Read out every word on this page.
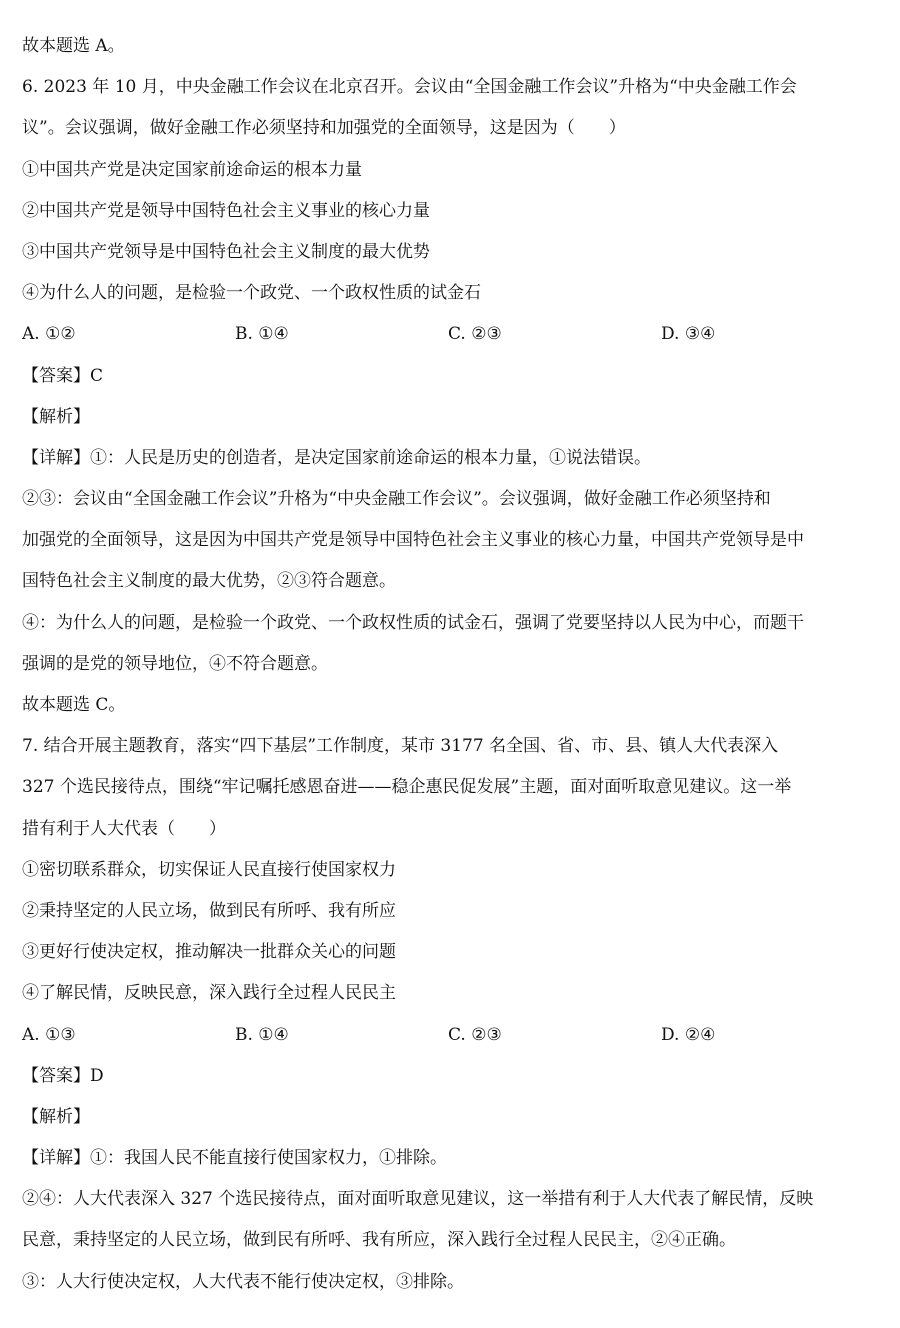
故本题选 A。
6. 2023 年 10 月，中央金融工作会议在北京召开。会议由“全国金融工作会议”升格为“中央金融工作会
议”。会议强调，做好金融工作必须坚持和加强党的全面领导，这是因为（　　）
①中国共产党是决定国家前途命运的根本力量
②中国共产党是领导中国特色社会主义事业的核心力量
③中国共产党领导是中国特色社会主义制度的最大优势
④为什么人的问题，是检验一个政党、一个政权性质的试金石
A. ①②	B. ①④	C. ②③	D. ③④
【答案】C
【解析】
【详解】①：人民是历史的创造者，是决定国家前途命运的根本力量，①说法错误。
②③：会议由“全国金融工作会议”升格为“中央金融工作会议”。会议强调，做好金融工作必须坚持和
加强党的全面领导，这是因为中国共产党是领导中国特色社会主义事业的核心力量，中国共产党领导是中
国特色社会主义制度的最大优势，②③符合题意。
④：为什么人的问题，是检验一个政党、一个政权性质的试金石，强调了党要坚持以人民为中心，而题干
强调的是党的领导地位，④不符合题意。
故本题选 C。
7. 结合开展主题教育，落实“四下基层”工作制度，某市 3177 名全国、省、市、县、镇人大代表深入
327 个选民接待点，围绕“牢记嘱托感恩奋进——稳企惠民促发展”主题，面对面听取意见建议。这一举
措有利于人大代表（　　）
①密切联系群众，切实保证人民直接行使国家权力
②秉持坚定的人民立场，做到民有所呼、我有所应
③更好行使决定权，推动解决一批群众关心的问题
④了解民情，反映民意，深入践行全过程人民民主
A. ①③	B. ①④	C. ②③	D. ②④
【答案】D
【解析】
【详解】①：我国人民不能直接行使国家权力，①排除。
②④：人大代表深入 327 个选民接待点，面对面听取意见建议，这一举措有利于人大代表了解民情，反映
民意，秉持坚定的人民立场，做到民有所呼、我有所应，深入践行全过程人民民主，②④正确。
③：人大行使决定权，人大代表不能行使决定权，③排除。
